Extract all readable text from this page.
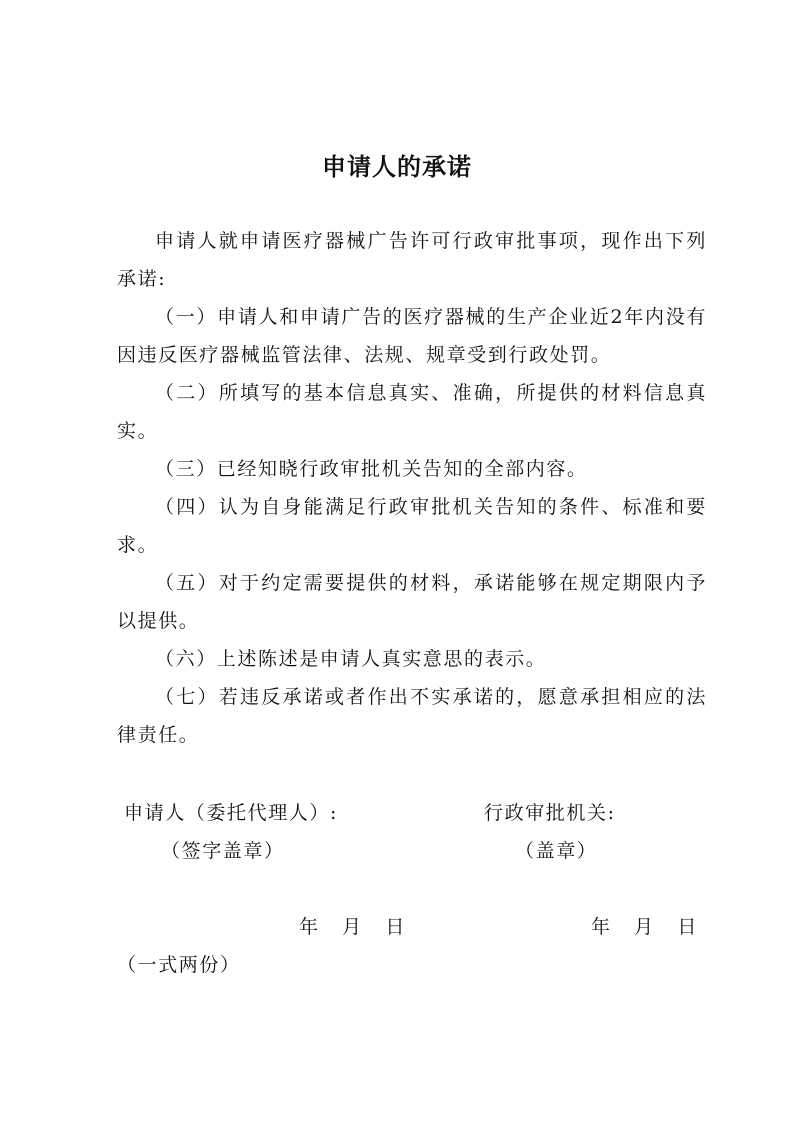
申请人的承诺
申请人就申请医疗器械广告许可行政审批事项，现作出下列承诺:
（一）申请人和申请广告的医疗器械的生产企业近2年内没有因违反医疗器械监管法律、法规、规章受到行政处罚。
（二）所填写的基本信息真实、准确，所提供的材料信息真实。
（三）已经知晓行政审批机关告知的全部内容。
（四）认为自身能满足行政审批机关告知的条件、标准和要求。
（五）对于约定需要提供的材料，承诺能够在规定期限内予以提供。
（六）上述陈述是申请人真实意思的表示。
（七）若违反承诺或者作出不实承诺的，愿意承担相应的法律责任。
申请人（委托代理人）:
（签字盖章）
行政审批机关:
（盖章）
年    月    日	年    月    日
（一式两份）
